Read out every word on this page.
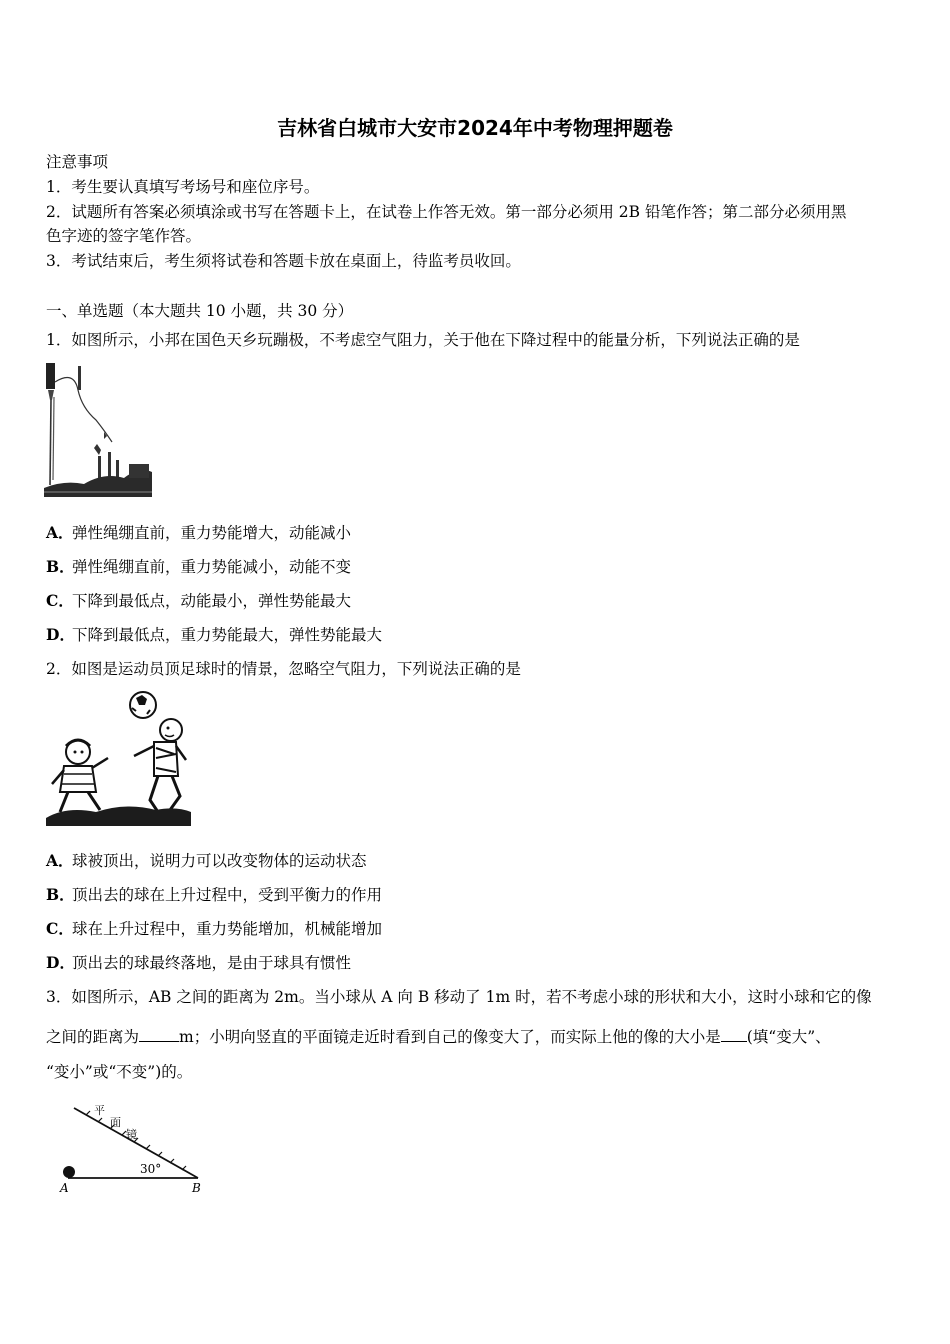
吉林省白城市大安市2024年中考物理押题卷
注意事项
1．考生要认真填写考场号和座位序号。
2．试题所有答案必须填涂或书写在答题卡上，在试卷上作答无效。第一部分必须用 2B 铅笔作答；第二部分必须用黑
色字迹的签字笔作答。
3．考试结束后，考生须将试卷和答题卡放在桌面上，待监考员收回。
一、单选题（本大题共 10 小题，共 30 分）
1．如图所示，小邦在国色天乡玩蹦极，不考虑空气阻力，关于他在下降过程中的能量分析，下列说法正确的是
A．弹性绳绷直前，重力势能增大，动能减小
B．弹性绳绷直前，重力势能减小，动能不变
C．下降到最低点，动能最小，弹性势能最大
D．下降到最低点，重力势能最大，弹性势能最大
2．如图是运动员顶足球时的情景，忽略空气阻力，下列说法正确的是
A．球被顶出，说明力可以改变物体的运动状态
B．顶出去的球在上升过程中，受到平衡力的作用
C．球在上升过程中，重力势能增加，机械能增加
D．顶出去的球最终落地，是由于球具有惯性
3．如图所示，AB 之间的距离为 2m。当小球从 A 向 B 移动了 1m 时，若不考虑小球的形状和大小，这时小球和它的像
之间的距离为	m；小明向竖直的平面镜走近时看到自己的像变大了，而实际上他的像的大小是 (填“变大”、
“变小”或“不变”)的。
平
面
镜
30°
A	B
